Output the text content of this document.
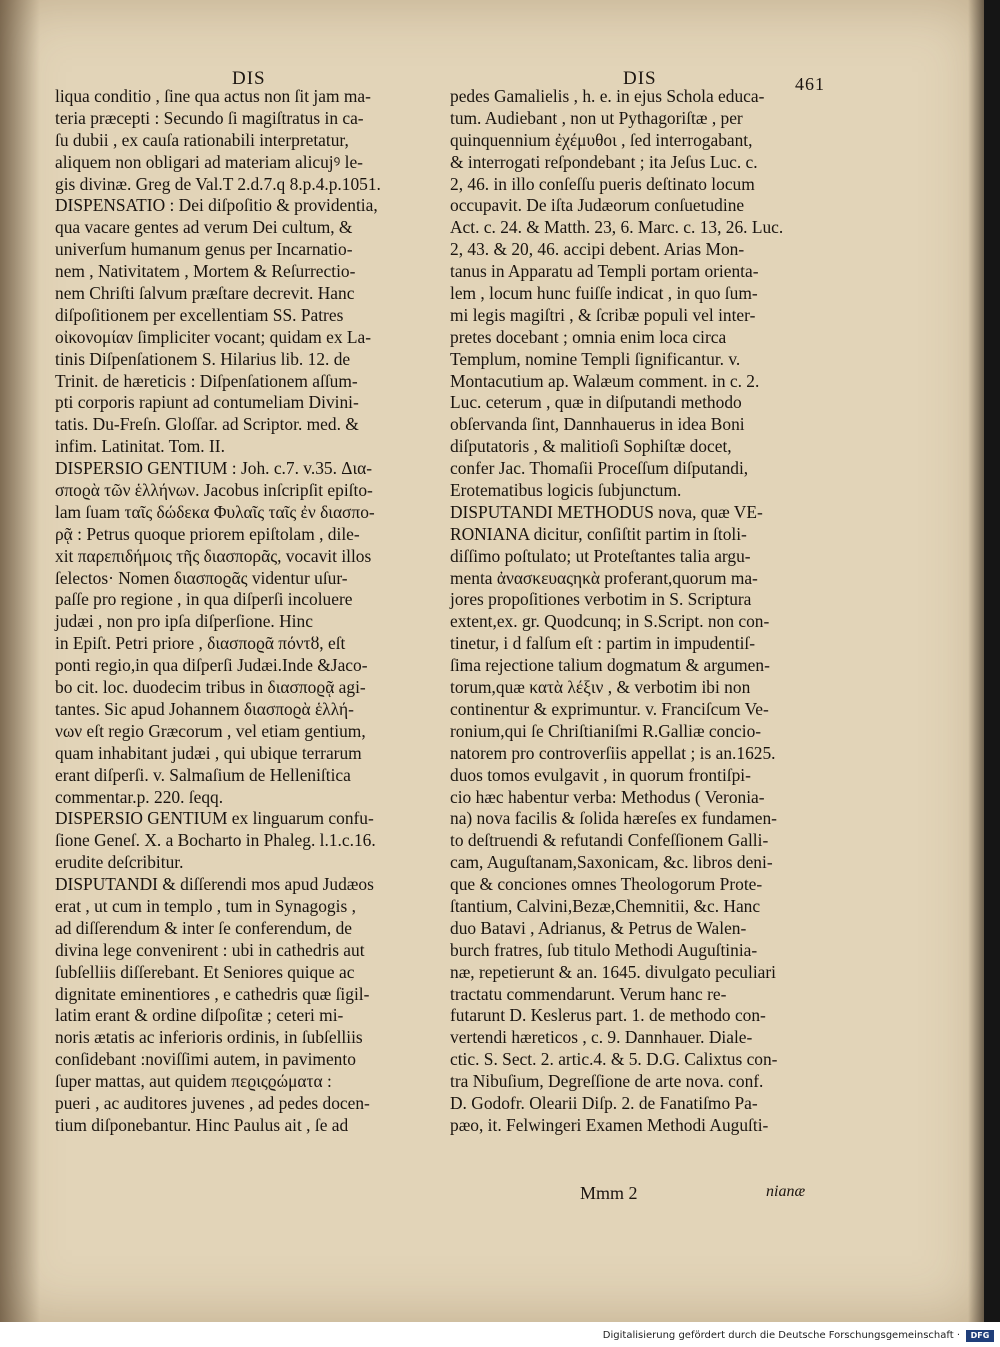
DIS	DIS	461
liqua conditio , ſine qua actus non ſit jam ma-
teria præcepti : Secundo ſi magiſtratus in ca-
ſu dubii , ex cauſa rationabili interpretatur,
aliquem non obligari ad materiam alicujꝰ le-
gis divinæ. Greg de Val.T 2.d.7.q 8.p.4.p.1051.
DISPENSATIO : Dei diſpoſitio & providentia,
qua vacare gentes ad verum Dei cultum, &
univerſum humanum genus per Incarnatio-
nem , Nativitatem , Mortem & Reſurrectio-
nem Chriſti ſalvum præſtare decrevit. Hanc
diſpoſitionem per excellentiam SS. Patres
οἰκονομίαν ſimpliciter vocant; quidam ex La-
tinis Diſpenſationem S. Hilarius lib. 12. de
Trinit. de hæreticis : Diſpenſationem aſſum-
pti corporis rapiunt ad contumeliam Divini-
tatis. Du-Freſn. Gloſſar. ad Scriptor. med. &
infim. Latinitat. Tom. II.
DISPERSIO GENTIUM : Joh. c.7. v.35. Δια-
σποϱὰ τῶν ἑλλήνων. Jacobus inſcripſit epiſto-
lam ſuam ταῖς δώδεκα Φυλαῖς ταῖς ἐν διασπο-
ρᾷ : Petrus quoque priorem epiſtolam , dile-
xit παρεπιδήμοις τῆς διασπορᾶς, vocavit illos
ſelectos· Nomen διασποϱᾶς videntur uſur-
paſſe pro regione , in qua diſperſi incoluere
judæi , non pro ipſa diſperſione. Hinc
in Epiſt. Petri priore , διασποϱᾶ πόντȣ, eſt
ponti regio,in qua diſperſi Judæi.Inde &Jaco-
bo cit. loc. duodecim tribus in διασποϱᾷ agi-
tantes. Sic apud Johannem διασποϱὰ ἑλλή-
νων eſt regio Græcorum , vel etiam gentium,
quam inhabitant judæi , qui ubique terrarum
erant diſperſi. v. Salmaſium de Helleniſtica
commentar.p. 220. ſeqq.
DISPERSIO GENTIUM ex linguarum confu-
ſione Geneſ. X. a Bocharto in Phaleg. l.1.c.16.
erudite deſcribitur.
DISPUTANDI & diſſerendi mos apud Judæos
erat , ut cum in templo , tum in Synagogis ,
ad diſſerendum & inter ſe conferendum, de
divina lege convenirent : ubi in cathedris aut
ſubſelliis diſſerebant. Et Seniores quique ac
dignitate eminentiores , e cathedris quæ ſigil-
latim erant & ordine diſpoſitæ ; ceteri mi-
noris ætatis ac inferioris ordinis, in ſubſelliis
conſidebant :noviſſimi autem, in pavimento
ſuper mattas, aut quidem πεϱιςϱώματα :
pueri , ac auditores juvenes , ad pedes docen-
tium diſponebantur. Hinc Paulus ait , ſe ad
pedes Gamalielis , h. e. in ejus Schola educa-
tum. Audiebant , non ut Pythagoriſtæ , per
quinquennium ἐχέμυθοι , ſed interrogabant,
& interrogati reſpondebant ; ita Jeſus Luc. c.
2, 46. in illo conſeſſu pueris deſtinato locum
occupavit. De iſta Judæorum conſuetudine
Act. c. 24. & Matth. 23, 6. Marc. c. 13, 26. Luc.
2, 43. & 20, 46. accipi debent. Arias Mon-
tanus in Apparatu ad Templi portam orienta-
lem , locum hunc fuiſſe indicat , in quo ſum-
mi legis magiſtri , & ſcribæ populi vel inter-
pretes docebant ; omnia enim loca circa
Templum, nomine Templi ſignificantur. v.
Montacutium ap. Walæum comment. in c. 2.
Luc. ceterum , quæ in diſputandi methodo
obſervanda ſint, Dannhauerus in idea Boni
diſputatoris , & malitioſi Sophiſtæ docet,
confer Jac. Thomaſii Proceſſum diſputandi,
Erotematibus logicis ſubjunctum.
DISPUTANDI METHODUS nova, quæ VE-
RONIANA dicitur, conſiſtit partim in ſtoli-
diſſimo poſtulato; ut Proteſtantes talia argu-
menta ἀνασκευαςηκὰ proferant,quorum ma-
jores propoſitiones verbotim in S. Scriptura
extent,ex. gr. Quodcunq; in S.Script. non con-
tinetur, i d falſum eſt : partim in impudentiſ-
ſima rejectione talium dogmatum & argumen-
torum,quæ κατὰ λέξιν , & verbotim ibi non
continentur & exprimuntur. v. Franciſcum Ve-
ronium,qui ſe Chriſtianiſmi R.Galliæ concio-
natorem pro controverſiis appellat ; is an.1625.
duos tomos evulgavit , in quorum frontiſpi-
cio hæc habentur verba: Methodus ( Veronia-
na) nova facilis & ſolida hæreſes ex fundamen-
to deſtruendi & refutandi Confeſſionem Galli-
cam, Auguſtanam,Saxonicam, &c. libros deni-
que & conciones omnes Theologorum Prote-
ſtantium, Calvini,Bezæ,Chemnitii, &c. Hanc
duo Batavi , Adrianus, & Petrus de Walen-
burch fratres, ſub titulo Methodi Auguſtinia-
næ, repetierunt & an. 1645. divulgato peculiari
tractatu commendarunt. Verum hanc re-
futarunt D. Keslerus part. 1. de methodo con-
vertendi hæreticos , c. 9. Dannhauer. Diale-
ctic. S. Sect. 2. artic.4. & 5. D.G. Calixtus con-
tra Nibuſium, Degreſſione de arte nova. conf.
D. Godofr. Olearii Diſp. 2. de Fanatiſmo Pa-
pæo, it. Felwingeri Examen Methodi Auguſti-
Mmm 2	nianæ
Digitalisierung gefördert durch die Deutsche Forschungsgemeinschaft ·	DFG
